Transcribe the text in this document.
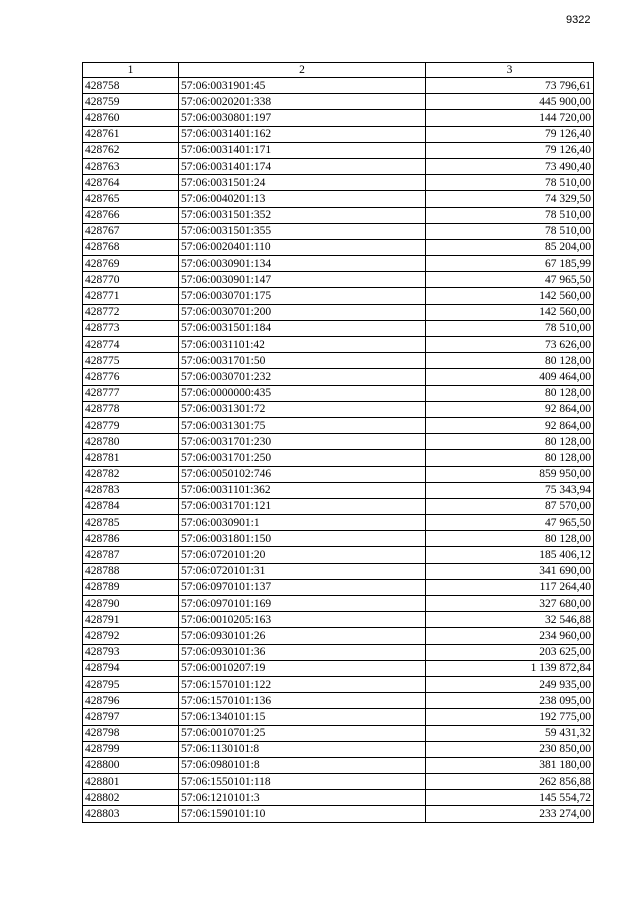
9322
1	2	3
428758	57:06:0031901:45	73 796,61
428759	57:06:0020201:338	445 900,00
428760	57:06:0030801:197	144 720,00
428761	57:06:0031401:162	79 126,40
428762	57:06:0031401:171	79 126,40
428763	57:06:0031401:174	73 490,40
428764	57:06:0031501:24	78 510,00
428765	57:06:0040201:13	74 329,50
428766	57:06:0031501:352	78 510,00
428767	57:06:0031501:355	78 510,00
428768	57:06:0020401:110	85 204,00
428769	57:06:0030901:134	67 185,99
428770	57:06:0030901:147	47 965,50
428771	57:06:0030701:175	142 560,00
428772	57:06:0030701:200	142 560,00
428773	57:06:0031501:184	78 510,00
428774	57:06:0031101:42	73 626,00
428775	57:06:0031701:50	80 128,00
428776	57:06:0030701:232	409 464,00
428777	57:06:0000000:435	80 128,00
428778	57:06:0031301:72	92 864,00
428779	57:06:0031301:75	92 864,00
428780	57:06:0031701:230	80 128,00
428781	57:06:0031701:250	80 128,00
428782	57:06:0050102:746	859 950,00
428783	57:06:0031101:362	75 343,94
428784	57:06:0031701:121	87 570,00
428785	57:06:0030901:1	47 965,50
428786	57:06:0031801:150	80 128,00
428787	57:06:0720101:20	185 406,12
428788	57:06:0720101:31	341 690,00
428789	57:06:0970101:137	117 264,40
428790	57:06:0970101:169	327 680,00
428791	57:06:0010205:163	32 546,88
428792	57:06:0930101:26	234 960,00
428793	57:06:0930101:36	203 625,00
428794	57:06:0010207:19	1 139 872,84
428795	57:06:1570101:122	249 935,00
428796	57:06:1570101:136	238 095,00
428797	57:06:1340101:15	192 775,00
428798	57:06:0010701:25	59 431,32
428799	57:06:1130101:8	230 850,00
428800	57:06:0980101:8	381 180,00
428801	57:06:1550101:118	262 856,88
428802	57:06:1210101:3	145 554,72
428803	57:06:1590101:10	233 274,00
